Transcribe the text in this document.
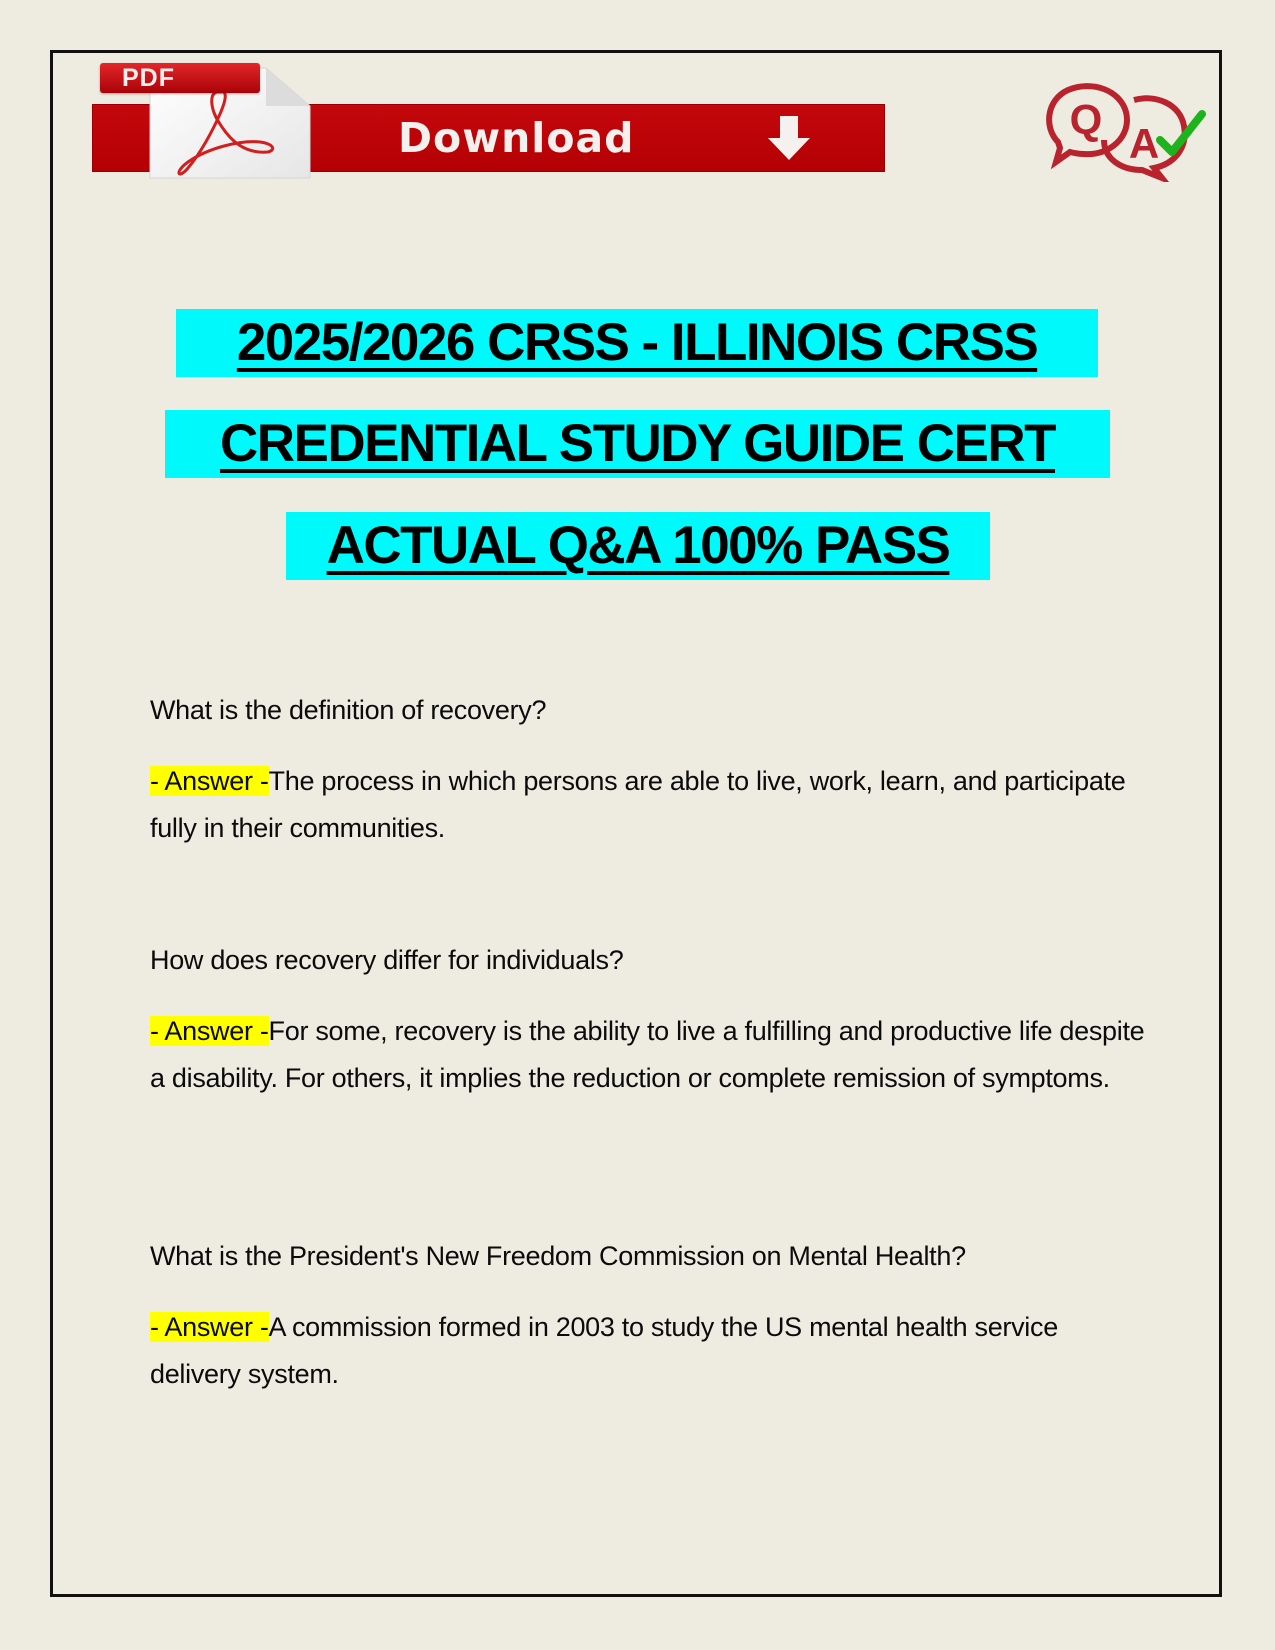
PDF
Download	Q
A
2025/2026 CRSS - ILLINOIS CRSS
CREDENTIAL STUDY GUIDE CERT
ACTUAL Q&A 100% PASS
What is the definition of recovery?
- Answer -The process in which persons are able to live, work, learn, and participate fully in their communities.
How does recovery differ for individuals?
- Answer -For some, recovery is the ability to live a fulfilling and productive life despite a disability. For others, it implies the reduction or complete remission of symptoms.
What is the President's New Freedom Commission on Mental Health?
- Answer -A commission formed in 2003 to study the US mental health service delivery system.
